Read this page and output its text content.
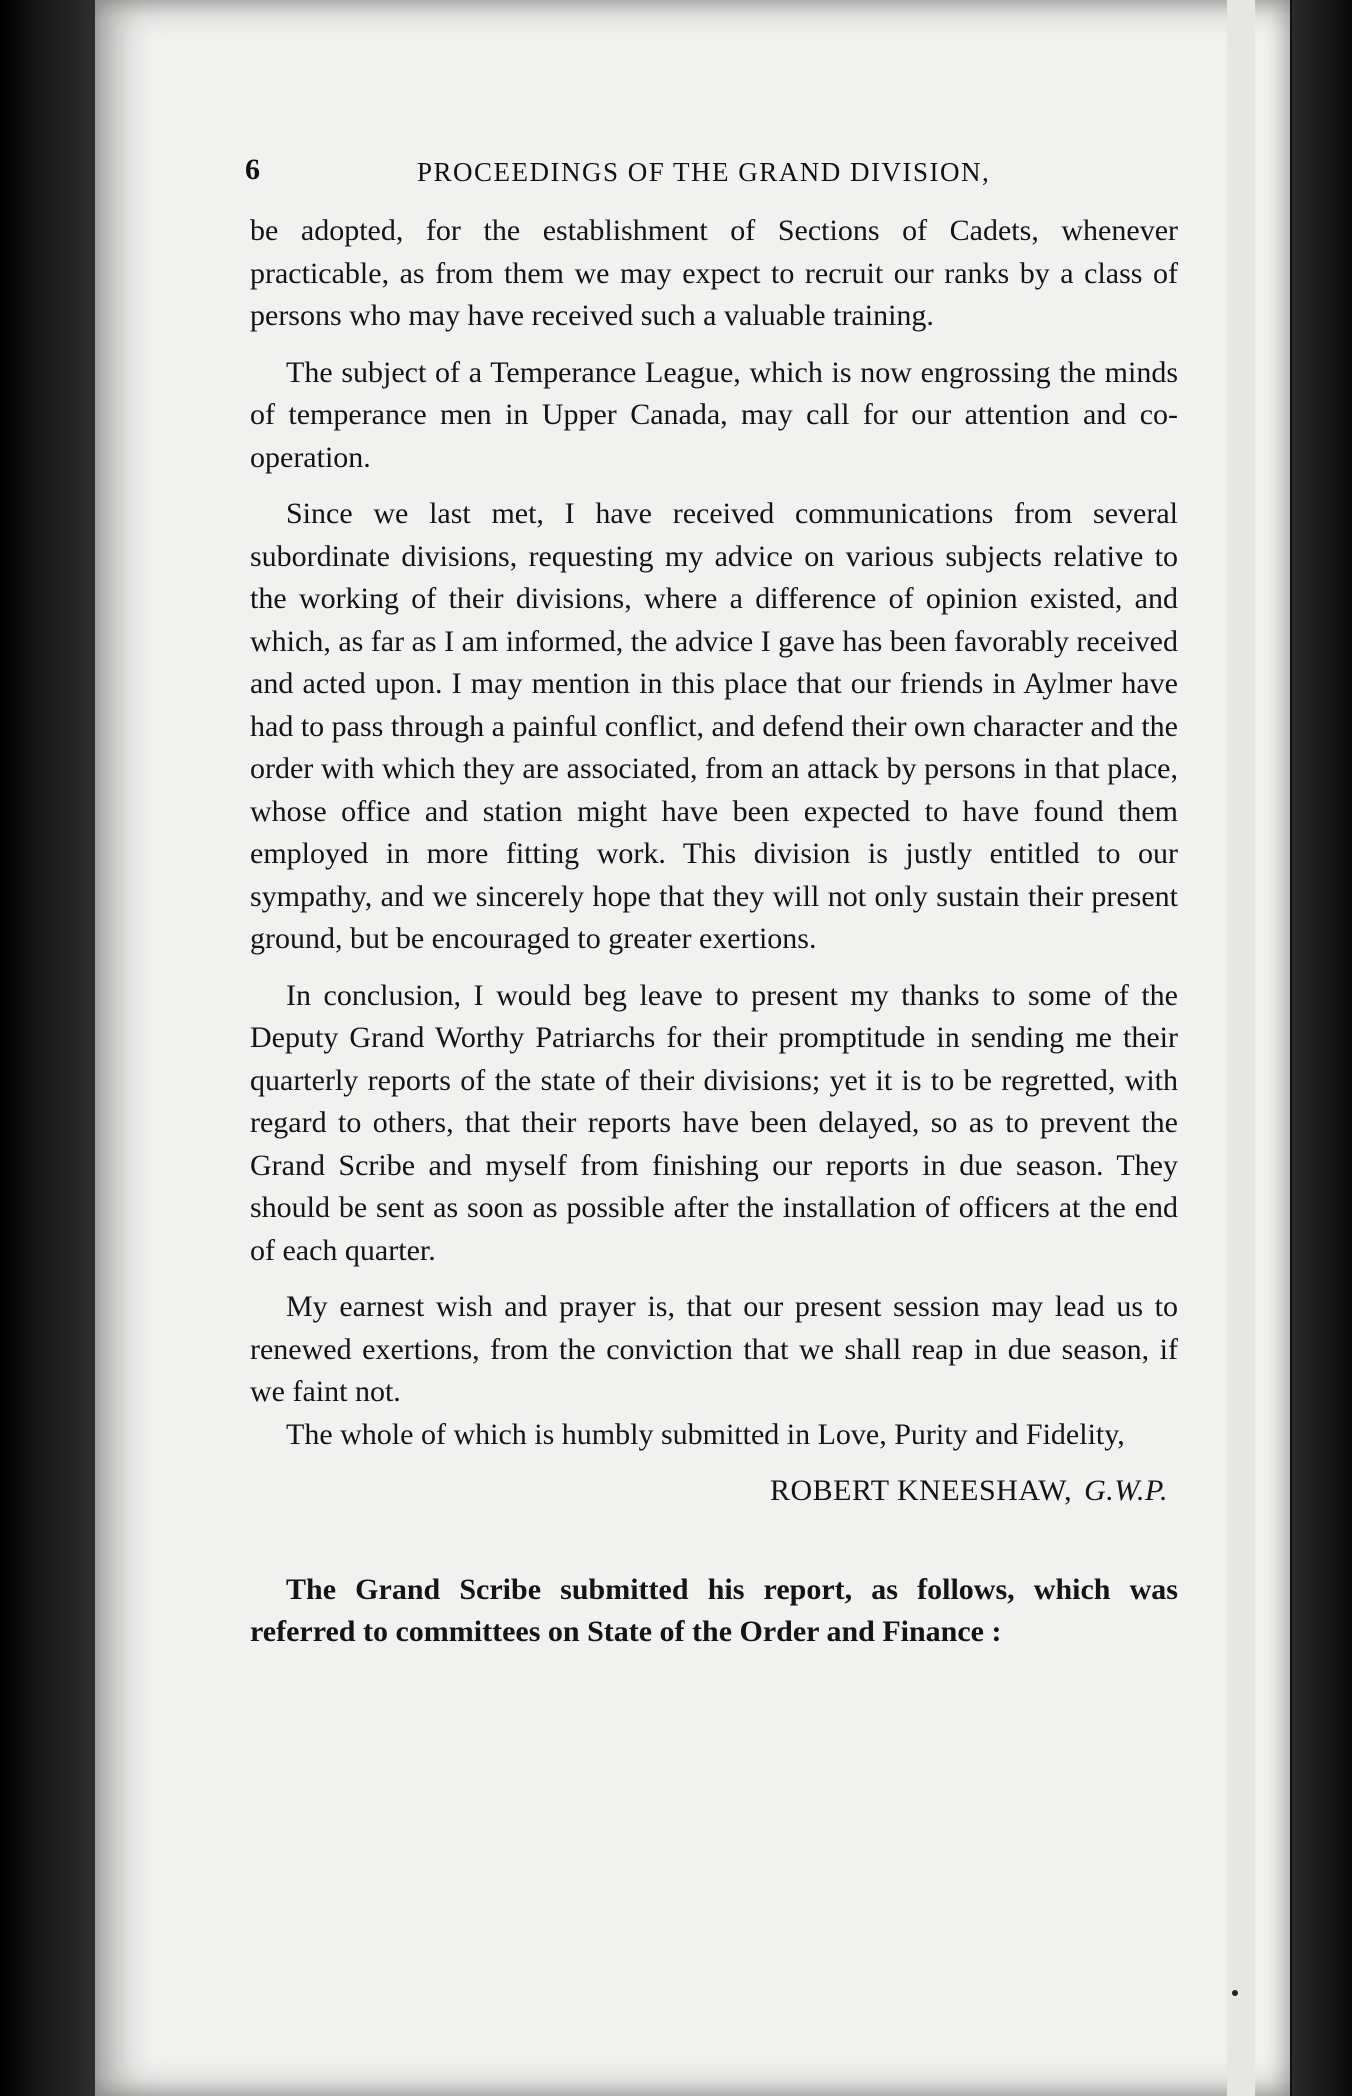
6	PROCEEDINGS OF THE GRAND DIVISION,

be adopted, for the establishment of Sections of Cadets, whenever practicable, as from them we may expect to recruit our ranks by a class of persons who may have received such a valuable training.

The subject of a Temperance League, which is now engrossing the minds of temperance men in Upper Canada, may call for our attention and co-operation.

Since we last met, I have received communications from several subordinate divisions, requesting my advice on various subjects relative to the working of their divisions, where a difference of opinion existed, and which, as far as I am informed, the advice I gave has been favorably received and acted upon. I may mention in this place that our friends in Aylmer have had to pass through a painful conflict, and defend their own character and the order with which they are associated, from an attack by persons in that place, whose office and station might have been expected to have found them employed in more fitting work. This division is justly entitled to our sympathy, and we sincerely hope that they will not only sustain their present ground, but be encouraged to greater exertions.

In conclusion, I would beg leave to present my thanks to some of the Deputy Grand Worthy Patriarchs for their promptitude in sending me their quarterly reports of the state of their divisions; yet it is to be regretted, with regard to others, that their reports have been delayed, so as to prevent the Grand Scribe and myself from finishing our reports in due season. They should be sent as soon as possible after the installation of officers at the end of each quarter.

My earnest wish and prayer is, that our present session may lead us to renewed exertions, from the conviction that we shall reap in due season, if we faint not.

The whole of which is humbly submitted in Love, Purity and Fidelity,

ROBERT KNEESHAW, G.W.P.

The Grand Scribe submitted his report, as follows, which was referred to committees on State of the Order and Finance :
